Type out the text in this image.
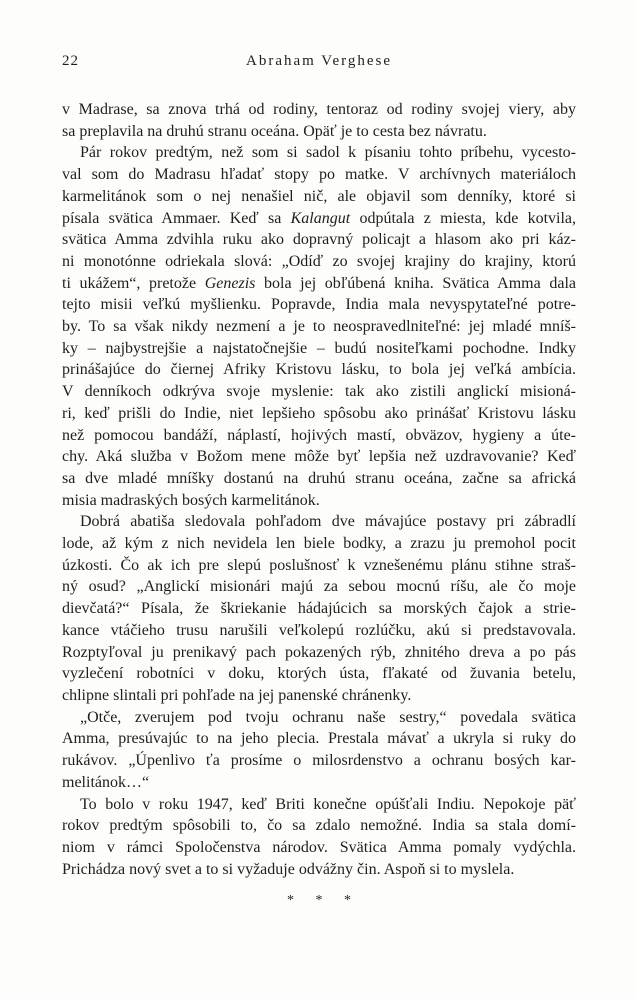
22	Abraham Verghese

v Madrase, sa znova trhá od rodiny, tentoraz od rodiny svojej viery, aby
sa preplavila na druhú stranu oceána. Opäť je to cesta bez návratu.

Pár rokov predtým, než som si sadol k písaniu tohto príbehu, vycesto-
val som do Madrasu hľadať stopy po matke. V archívnych materiáloch
karmelitánok som o nej nenašiel nič, ale objavil som denníky, ktoré si
písala svätica Ammaer. Keď sa Kalangut odpútala z miesta, kde kotvila,
svätica Amma zdvihla ruku ako dopravný policajt a hlasom ako pri káz-
ni monotónne odriekala slová: „Odíď zo svojej krajiny do krajiny, ktorú
ti ukážem“, pretože Genezis bola jej obľúbená kniha. Svätica Amma dala
tejto misii veľkú myšlienku. Popravde, India mala nevyspytateľné potre-
by. To sa však nikdy nezmení a je to neospravedlniteľné: jej mladé mníš-
ky – najbystrejšie a najstatočnejšie – budú nositeľkami pochodne. Indky
prinášajúce do čiernej Afriky Kristovu lásku, to bola jej veľká ambícia.
V denníkoch odkrýva svoje myslenie: tak ako zistili anglickí misioná-
ri, keď prišli do Indie, niet lepšieho spôsobu ako prinášať Kristovu lásku
než pomocou bandáží, náplastí, hojivých mastí, obväzov, hygieny a úte-
chy. Aká služba v Božom mene môže byť lepšia než uzdravovanie? Keď
sa dve mladé mníšky dostanú na druhú stranu oceána, začne sa africká
misia madraských bosých karmelitánok.

Dobrá abatiša sledovala pohľadom dve mávajúce postavy pri zábradlí
lode, až kým z nich nevidela len biele bodky, a zrazu ju premohol pocit
úzkosti. Čo ak ich pre slepú poslušnosť k vznešenému plánu stihne straš-
ný osud? „Anglickí misionári majú za sebou mocnú ríšu, ale čo moje
dievčatá?“ Písala, že škriekanie hádajúcich sa morských čajok a strie-
kance vtáčieho trusu narušili veľkolepú rozlúčku, akú si predstavovala.
Rozptyľoval ju prenikavý pach pokazených rýb, zhnitého dreva a po pás
vyzlečení robotníci v doku, ktorých ústa, fľakaté od žuvania betelu,
chlipne slintali pri pohľade na jej panenské chránenky.

„Otče, zverujem pod tvoju ochranu naše sestry,“ povedala svätica
Amma, presúvajúc to na jeho plecia. Prestala mávať a ukryla si ruky do
rukávov. „Úpenlivo ťa prosíme o milosrdenstvo a ochranu bosých kar-
melitánok…“

To bolo v roku 1947, keď Briti konečne opúšťali Indiu. Nepokoje päť
rokov predtým spôsobili to, čo sa zdalo nemožné. India sa stala domí-
niom v rámci Spoločenstva národov. Svätica Amma pomaly vydýchla.
Prichádza nový svet a to si vyžaduje odvážny čin. Aspoň si to myslela.

* * *
